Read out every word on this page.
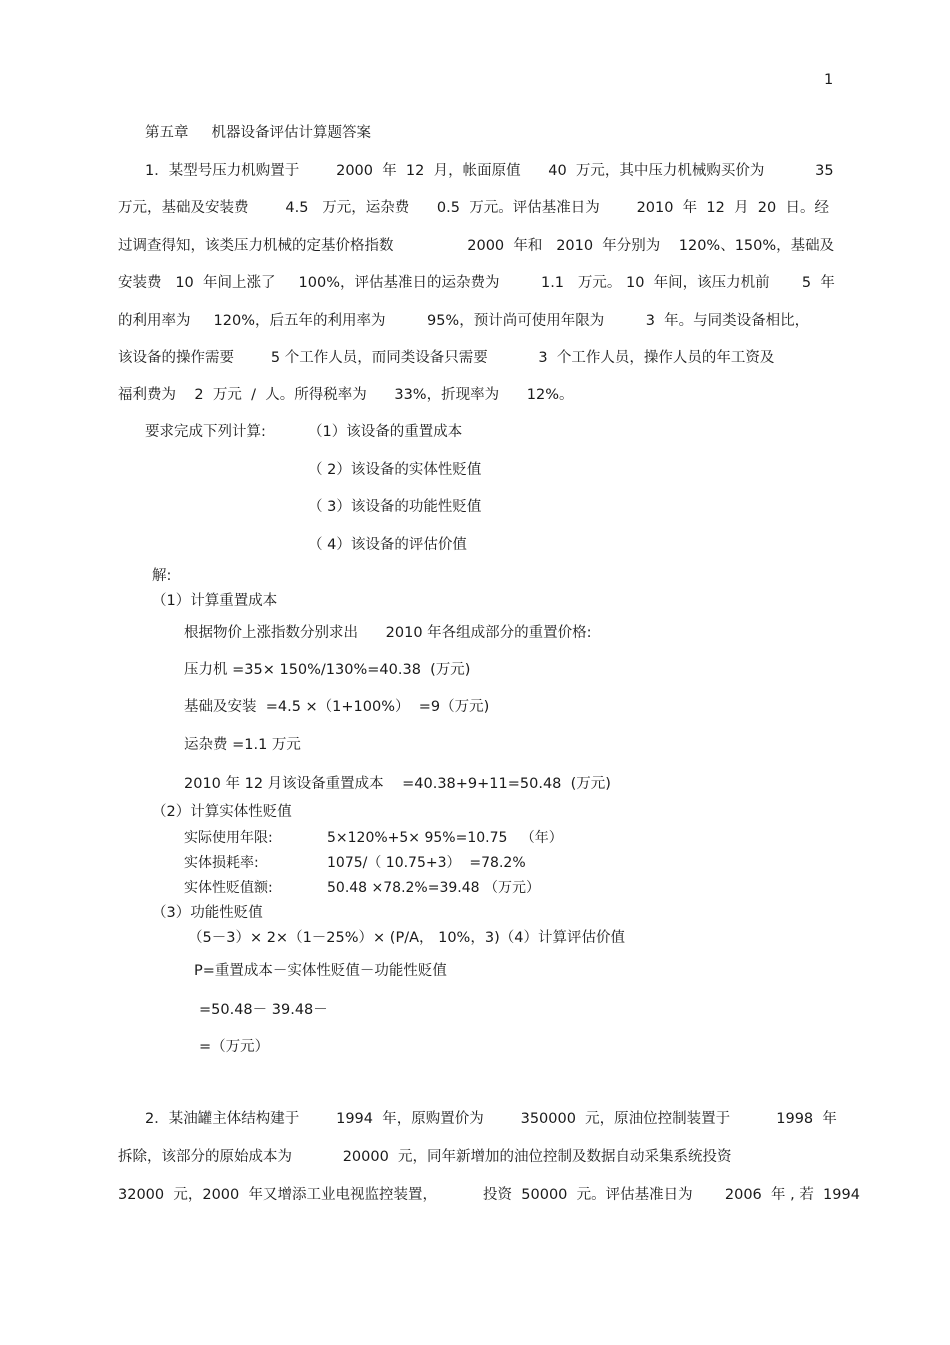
1
第五章     机器设备评估计算题答案
1．某型号压力机购置于        2000  年  12  月，帐面原值      40  万元，其中压力机械购买价为           35
万元，基础及安装费        4.5   万元，运杂费      0.5  万元。评估基准日为        2010  年  12  月  20  日。经
过调查得知，该类压力机械的定基价格指数                2000  年和   2010  年分别为    120%、150%，基础及
安装费   10  年间上涨了     100%，评估基准日的运杂费为         1.1   万元。 10  年间，该压力机前       5  年
的利用率为     120%，后五年的利用率为         95%，预计尚可使用年限为         3  年。与同类设备相比，
该设备的操作需要        5 个工作人员，而同类设备只需要           3  个工作人员，操作人员的年工资及
福利费为    2  万元  /  人。所得税率为      33%，折现率为      12%。
要求完成下列计算:	（1）该设备的重置成本
（ 2）该设备的实体性贬值
（ 3）该设备的功能性贬值
（ 4）该设备的评估价值
解:
（1）计算重置成本
根据物价上涨指数分别求出      2010 年各组成部分的重置价格:
压力机 =35× 150%/130%=40.38  (万元)
基础及安装  =4.5 ×（1+100%）  =9（万元)
运杂费 =1.1 万元
2010 年 12 月该设备重置成本    =40.38+9+11=50.48  (万元)
（2）计算实体性贬值
实际使用年限:	5×120%+5× 95%=10.75   （年）
实体损耗率:	1075/（ 10.75+3）  =78.2%
实体性贬值额:	50.48 ×78.2%=39.48 （万元）
（3）功能性贬值
（5－3）× 2×（1－25%）× (P/A， 10%，3)（4）计算评估价值
P=重置成本－实体性贬值－功能性贬值
=50.48－ 39.48－
=（万元）
2．某油罐主体结构建于        1994  年，原购置价为        350000  元，原油位控制装置于          1998  年
拆除，该部分的原始成本为           20000  元，同年新增加的油位控制及数据自动采集系统投资
32000  元，2000  年又增添工业电视监控装置，          投资  50000  元。评估基准日为       2006  年 , 若  1994
